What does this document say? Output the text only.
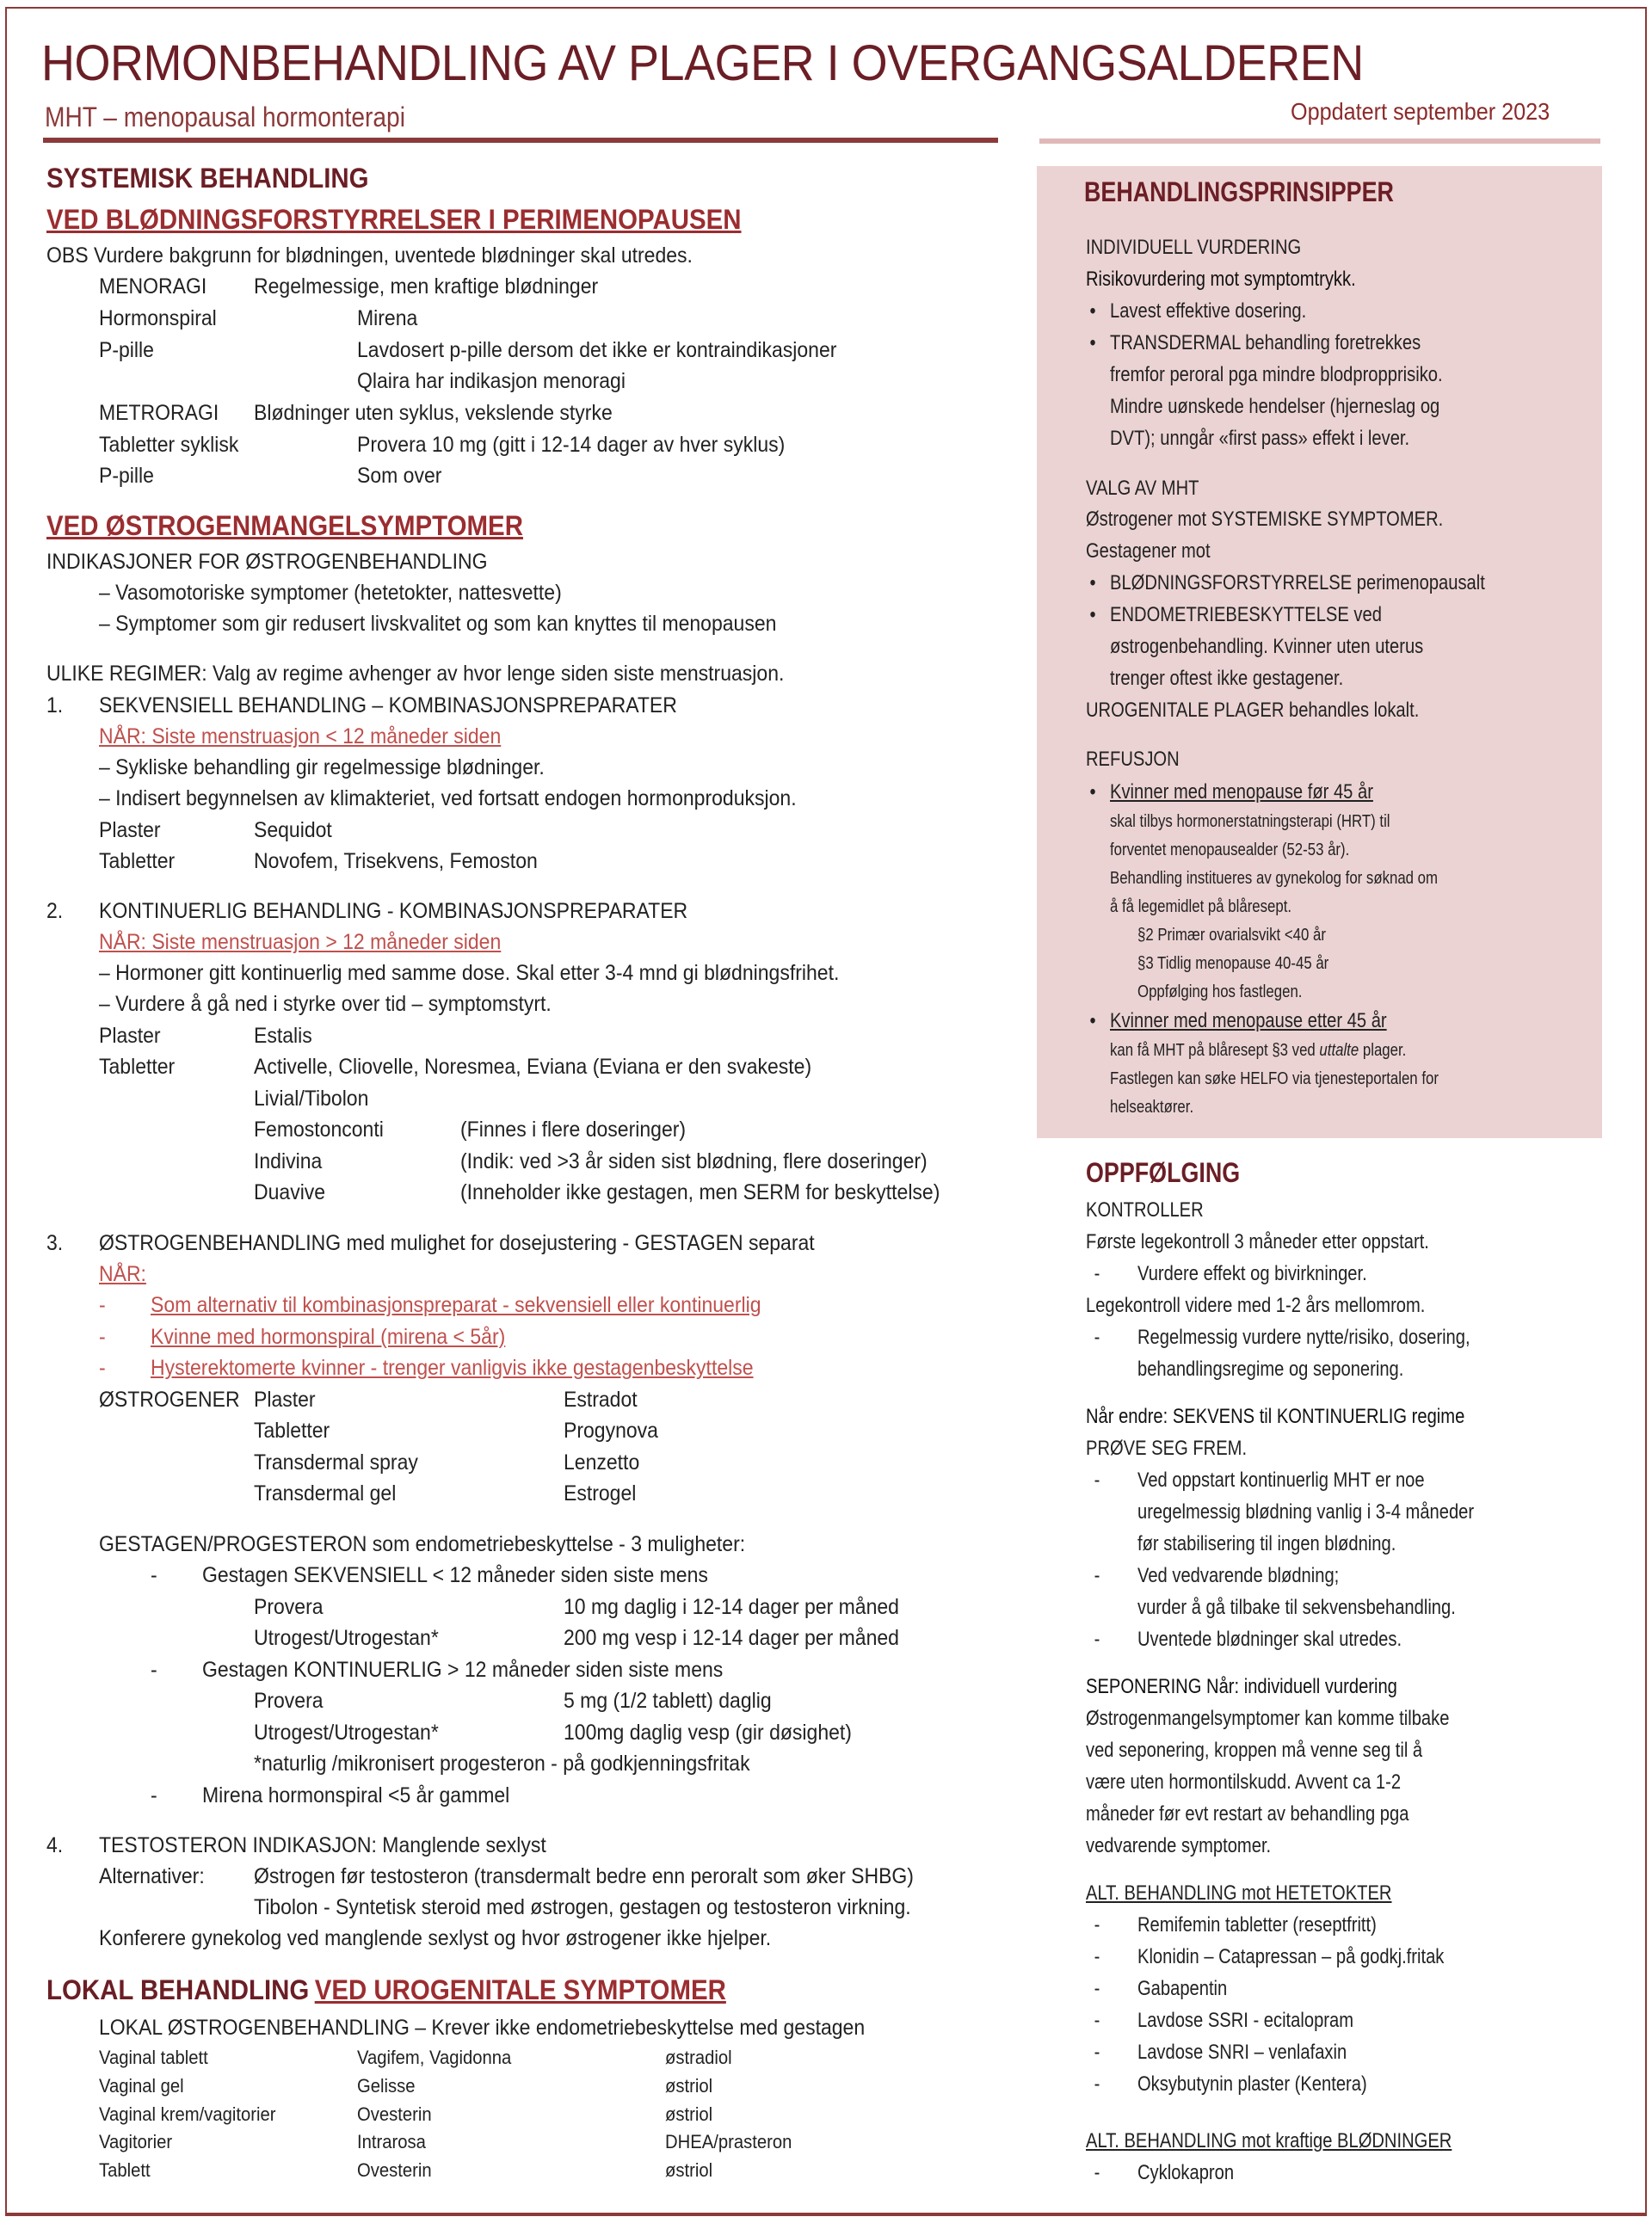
HORMONBEHANDLING AV PLAGER I OVERGANGSALDEREN
MHT – menopausal hormonterapi	Oppdatert september 2023
SYSTEMISK BEHANDLING
VED BLØDNINGSFORSTYRRELSER I PERIMENOPAUSEN
OBS Vurdere bakgrunn for blødningen, uventede blødninger skal utredes.
MENORAGI Regelmessige, men kraftige blødninger
Hormonspiral	Mirena
P-pille	Lavdosert p-pille dersom det ikke er kontraindikasjoner
Qlaira har indikasjon menoragi
METRORAGI Blødninger uten syklus, vekslende styrke
Tabletter syklisk	Provera 10 mg (gitt i 12-14 dager av hver syklus)
P-pille	Som over
VED ØSTROGENMANGELSYMPTOMER
INDIKASJONER FOR ØSTROGENBEHANDLING
– Vasomotoriske symptomer (hetetokter, nattesvette)
– Symptomer som gir redusert livskvalitet og som kan knyttes til menopausen
ULIKE REGIMER: Valg av regime avhenger av hvor lenge siden siste menstruasjon.
1. SEKVENSIELL BEHANDLING – KOMBINASJONSPREPARATER
NÅR: Siste menstruasjon < 12 måneder siden
– Sykliske behandling gir regelmessige blødninger.
– Indisert begynnelsen av klimakteriet, ved fortsatt endogen hormonproduksjon.
Plaster	Sequidot
Tabletter	Novofem, Trisekvens, Femoston
2. KONTINUERLIG BEHANDLING - KOMBINASJONSPREPARATER
NÅR: Siste menstruasjon > 12 måneder siden
– Hormoner gitt kontinuerlig med samme dose. Skal etter 3-4 mnd gi blødningsfrihet.
– Vurdere å gå ned i styrke over tid – symptomstyrt.
Plaster	Estalis
Tabletter	Activelle, Cliovelle, Noresmea, Eviana (Eviana er den svakeste)
Livial/Tibolon
Femostonconti	(Finnes i flere doseringer)
Indivina	(Indik: ved >3 år siden sist blødning, flere doseringer)
Duavive	(Inneholder ikke gestagen, men SERM for beskyttelse)
3. ØSTROGENBEHANDLING med mulighet for dosejustering - GESTAGEN separat
NÅR:
- Som alternativ til kombinasjonspreparat - sekvensiell eller kontinuerlig
- Kvinne med hormonspiral (mirena < 5år)
- Hysterektomerte kvinner - trenger vanligvis ikke gestagenbeskyttelse
ØSTROGENER Plaster	Estradot
Tabletter	Progynova
Transdermal spray	Lenzetto
Transdermal gel	Estrogel
GESTAGEN/PROGESTERON som endometriebeskyttelse - 3 muligheter:
- Gestagen SEKVENSIELL < 12 måneder siden siste mens
Provera	10 mg daglig i 12-14 dager per måned
Utrogest/Utrogestan*	200 mg vesp i 12-14 dager per måned
- Gestagen KONTINUERLIG > 12 måneder siden siste mens
Provera	5 mg (1/2 tablett) daglig
Utrogest/Utrogestan*	100mg daglig vesp (gir døsighet)
*naturlig /mikronisert progesteron - på godkjenningsfritak
- Mirena hormonspiral <5 år gammel
4. TESTOSTERON INDIKASJON: Manglende sexlyst
Alternativer: Østrogen før testosteron (transdermalt bedre enn peroralt som øker SHBG)
Tibolon - Syntetisk steroid med østrogen, gestagen og testosteron virkning.
Konferere gynekolog ved manglende sexlyst og hvor østrogener ikke hjelper.
LOKAL BEHANDLING VED UROGENITALE SYMPTOMER
LOKAL ØSTROGENBEHANDLING – Krever ikke endometriebeskyttelse med gestagen
Vaginal tablett	Vagifem, Vagidonna	østradiol
Vaginal gel	Gelisse	østriol
Vaginal krem/vagitorier	Ovesterin	østriol
Vagitorier	Intrarosa	DHEA/prasteron
Tablett	Ovesterin	østriol
BEHANDLINGSPRINSIPPER
INDIVIDUELL VURDERING
Risikovurdering mot symptomtrykk.
• Lavest effektive dosering.
• TRANSDERMAL behandling foretrekkes
fremfor peroral pga mindre blodpropprisiko.
Mindre uønskede hendelser (hjerneslag og
DVT); unngår «first pass» effekt i lever.
VALG AV MHT
Østrogener mot SYSTEMISKE SYMPTOMER.
Gestagener mot
• BLØDNINGSFORSTYRRELSE perimenopausalt
• ENDOMETRIEBESKYTTELSE ved
østrogenbehandling. Kvinner uten uterus
trenger oftest ikke gestagener.
UROGENITALE PLAGER behandles lokalt.
REFUSJON
• Kvinner med menopause før 45 år
skal tilbys hormonerstatningsterapi (HRT) til
forventet menopausealder (52-53 år).
Behandling institueres av gynekolog for søknad om
å få legemidlet på blåresept.
§2 Primær ovarialsvikt <40 år
§3 Tidlig menopause 40-45 år
Oppfølging hos fastlegen.
• Kvinner med menopause etter 45 år
kan få MHT på blåresept §3 ved uttalte plager.
Fastlegen kan søke HELFO via tjenesteportalen for
helseaktører.
OPPFØLGING
KONTROLLER
Første legekontroll 3 måneder etter oppstart.
- Vurdere effekt og bivirkninger.
Legekontroll videre med 1-2 års mellomrom.
- Regelmessig vurdere nytte/risiko, dosering,
behandlingsregime og seponering.
Når endre: SEKVENS til KONTINUERLIG regime
PRØVE SEG FREM.
- Ved oppstart kontinuerlig MHT er noe
uregelmessig blødning vanlig i 3-4 måneder
før stabilisering til ingen blødning.
- Ved vedvarende blødning;
vurder å gå tilbake til sekvensbehandling.
- Uventede blødninger skal utredes.
SEPONERING Når: individuell vurdering
Østrogenmangelsymptomer kan komme tilbake
ved seponering, kroppen må venne seg til å
være uten hormontilskudd. Avvent ca 1-2
måneder før evt restart av behandling pga
vedvarende symptomer.
ALT. BEHANDLING mot HETETOKTER
- Remifemin tabletter (reseptfritt)
- Klonidin – Catapressan – på godkj.fritak
- Gabapentin
- Lavdose SSRI - ecitalopram
- Lavdose SNRI – venlafaxin
- Oksybutynin plaster (Kentera)
ALT. BEHANDLING mot kraftige BLØDNINGER
- Cyklokapron
